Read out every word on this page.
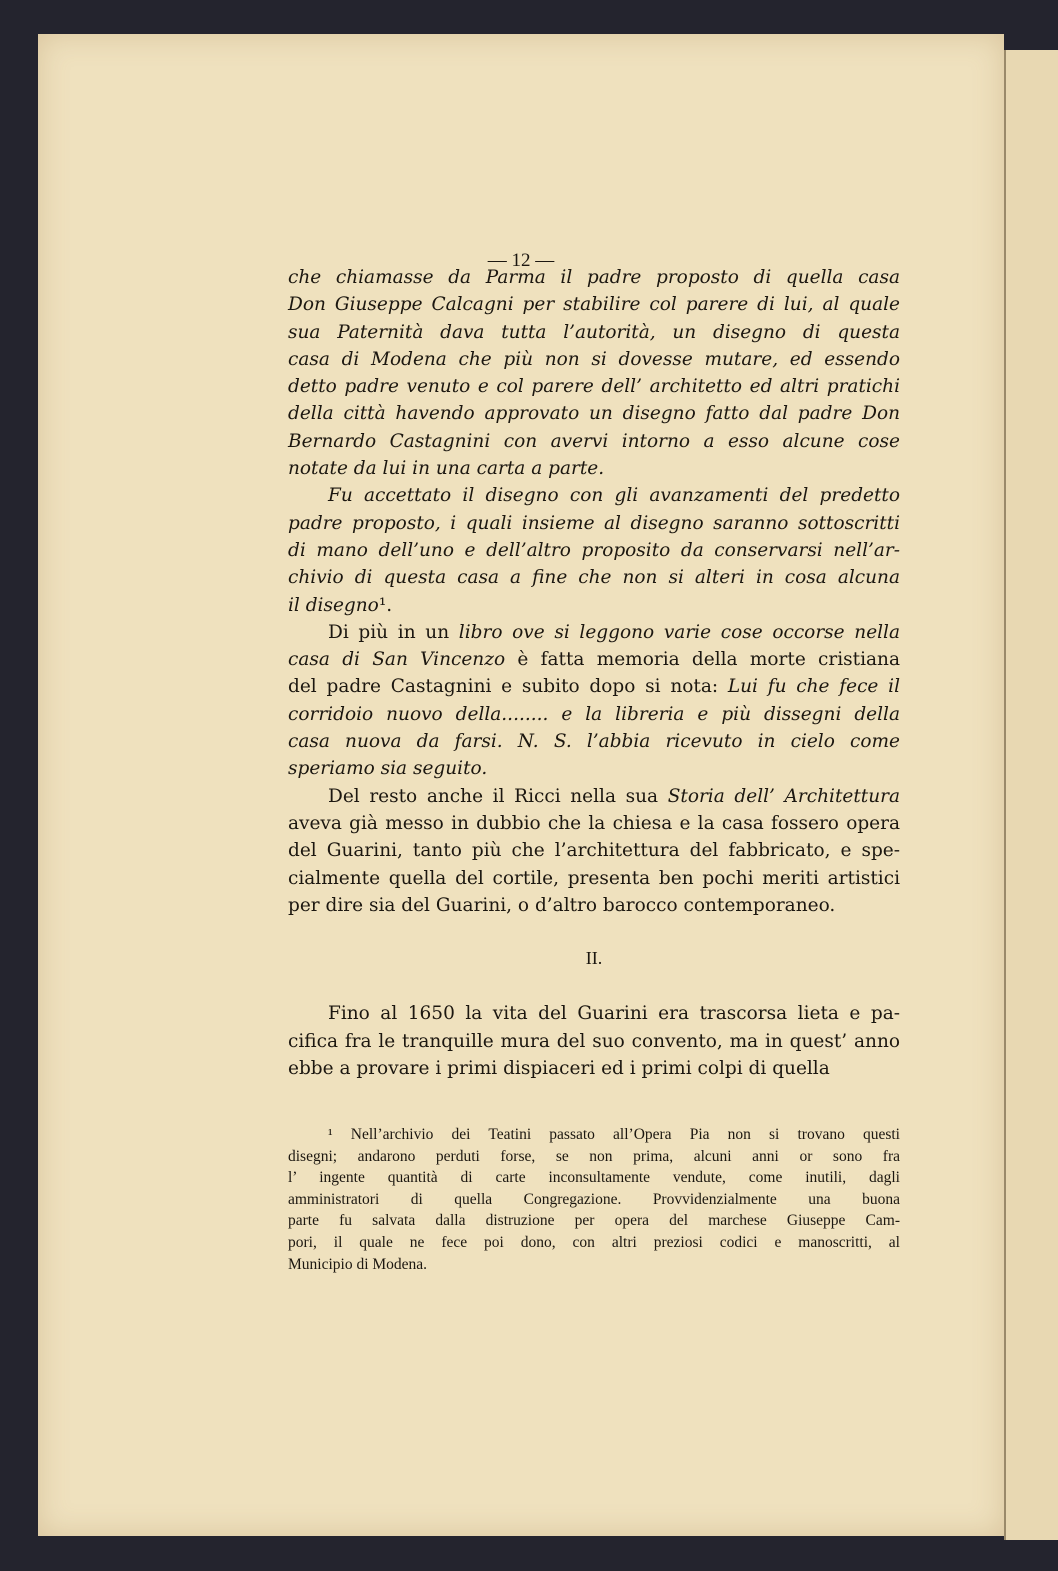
— 12 —
che chiamasse da Parma il padre proposto di quella casa
Don Giuseppe Calcagni per stabilire col parere di lui, al quale
sua Paternità dava tutta l’autorità, un disegno di questa
casa di Modena che più non si dovesse mutare, ed essendo
detto padre venuto e col parere dell’ architetto ed altri pratichi
della città havendo approvato un disegno fatto dal padre Don
Bernardo Castagnini con avervi intorno a esso alcune cose
notate da lui in una carta a parte.
Fu accettato il disegno con gli avanzamenti del predetto
padre proposto, i quali insieme al disegno saranno sottoscritti
di mano dell’uno e dell’altro proposito da conservarsi nell’ar-
chivio di questa casa a fine che non si alteri in cosa alcuna
il disegno¹.
Di più in un libro ove si leggono varie cose occorse nella
casa di San Vincenzo è fatta memoria della morte cristiana
del padre Castagnini e subito dopo si nota: Lui fu che fece il
corridoio nuovo della........ e la libreria e più dissegni della
casa nuova da farsi. N. S. l’abbia ricevuto in cielo come
speriamo sia seguito.
Del resto anche il Ricci nella sua Storia dell’ Architettura
aveva già messo in dubbio che la chiesa e la casa fossero opera
del Guarini, tanto più che l’architettura del fabbricato, e spe-
cialmente quella del cortile, presenta ben pochi meriti artistici
per dire sia del Guarini, o d’altro barocco contemporaneo.
II.
Fino al 1650 la vita del Guarini era trascorsa lieta e pa-
cifica fra le tranquille mura del suo convento, ma in quest’ anno
ebbe a provare i primi dispiaceri ed i primi colpi di quella
¹ Nell’archivio dei Teatini passato all’Opera Pia non si trovano questi
disegni; andarono perduti forse, se non prima, alcuni anni or sono fra
l’ ingente quantità di carte inconsultamente vendute, come inutili, dagli
amministratori di quella Congregazione. Provvidenzialmente una buona
parte fu salvata dalla distruzione per opera del marchese Giuseppe Cam-
pori, il quale ne fece poi dono, con altri preziosi codici e manoscritti, al
Municipio di Modena.
